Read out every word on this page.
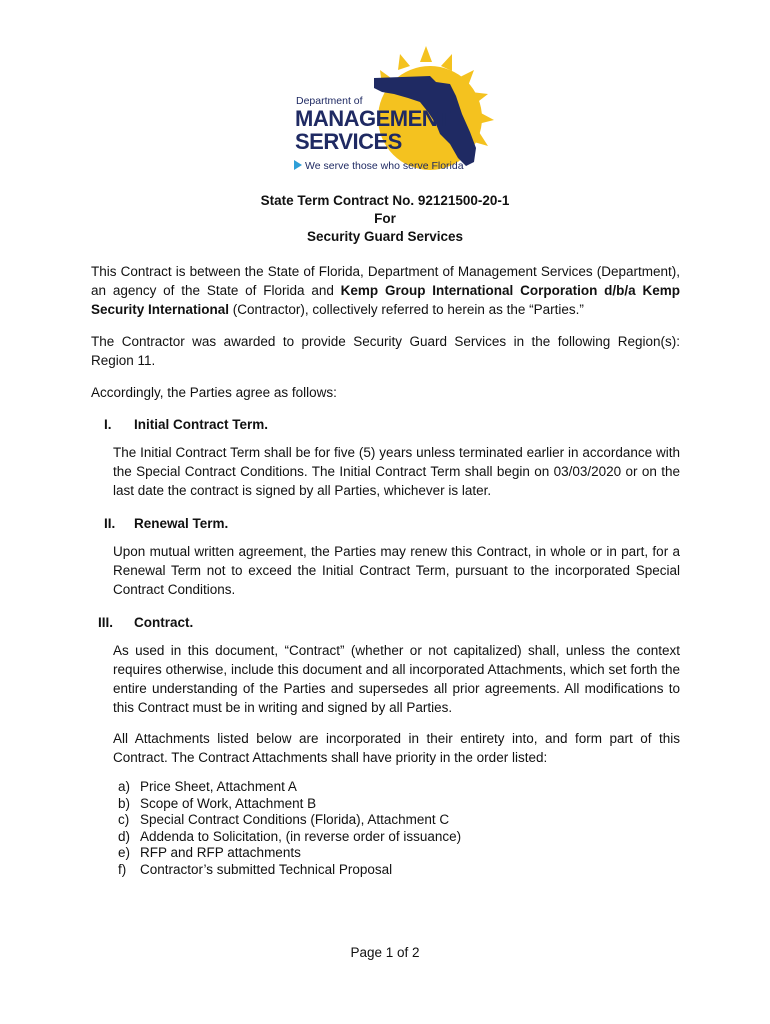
Department of
MANAGEMENT
SERVICES
We serve those who serve Florida
State Term Contract No. 92121500-20-1
For
Security Guard Services
This Contract is between the State of Florida, Department of Management Services (Department), an agency of the State of Florida and Kemp Group International Corporation d/b/a Kemp Security International (Contractor), collectively referred to herein as the “Parties.”
The Contractor was awarded to provide Security Guard Services in the following Region(s): Region 11.
Accordingly, the Parties agree as follows:
I. Initial Contract Term.
The Initial Contract Term shall be for five (5) years unless terminated earlier in accordance with the Special Contract Conditions. The Initial Contract Term shall begin on 03/03/2020 or on the last date the contract is signed by all Parties, whichever is later.
II. Renewal Term.
Upon mutual written agreement, the Parties may renew this Contract, in whole or in part, for a Renewal Term not to exceed the Initial Contract Term, pursuant to the incorporated Special Contract Conditions.
III. Contract.
As used in this document, “Contract” (whether or not capitalized) shall, unless the context requires otherwise, include this document and all incorporated Attachments, which set forth the entire understanding of the Parties and supersedes all prior agreements. All modifications to this Contract must be in writing and signed by all Parties.
All Attachments listed below are incorporated in their entirety into, and form part of this Contract. The Contract Attachments shall have priority in the order listed:
a) Price Sheet, Attachment A
b) Scope of Work, Attachment B
c) Special Contract Conditions (Florida), Attachment C
d) Addenda to Solicitation, (in reverse order of issuance)
e) RFP and RFP attachments
f) Contractor’s submitted Technical Proposal
Page 1 of 2
